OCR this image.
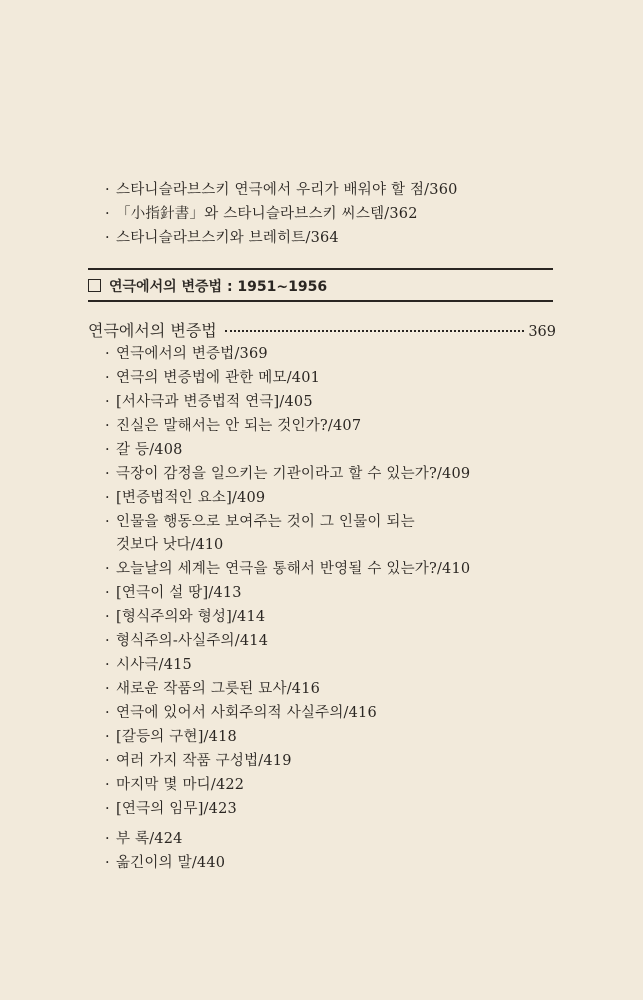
· 스타니슬라브스키 연극에서 우리가 배워야 할 점/360
· 「小指針書」와 스타니슬라브스키 씨스템/362
· 스타니슬라브스키와 브레히트/364
연극에서의 변증법 : 1951~1956
연극에서의 변증법	369
· 연극에서의 변증법/369
· 연극의 변증법에 관한 메모/401
· [서사극과 변증법적 연극]/405
· 진실은 말해서는 안 되는 것인가?/407
· 갈 등/408
· 극장이 감정을 일으키는 기관이라고 할 수 있는가?/409
· [변증법적인 요소]/409
· 인물을 행동으로 보여주는 것이 그 인물이 되는
것보다 낫다/410
· 오늘날의 세계는 연극을 통해서 반영될 수 있는가?/410
· [연극이 설 땅]/413
· [형식주의와 형성]/414
· 형식주의-사실주의/414
· 시사극/415
· 새로운 작품의 그릇된 묘사/416
· 연극에 있어서 사회주의적 사실주의/416
· [갈등의 구현]/418
· 여러 가지 작품 구성법/419
· 마지막 몇 마디/422
· [연극의 임무]/423
· 부 록/424
· 옮긴이의 말/440
